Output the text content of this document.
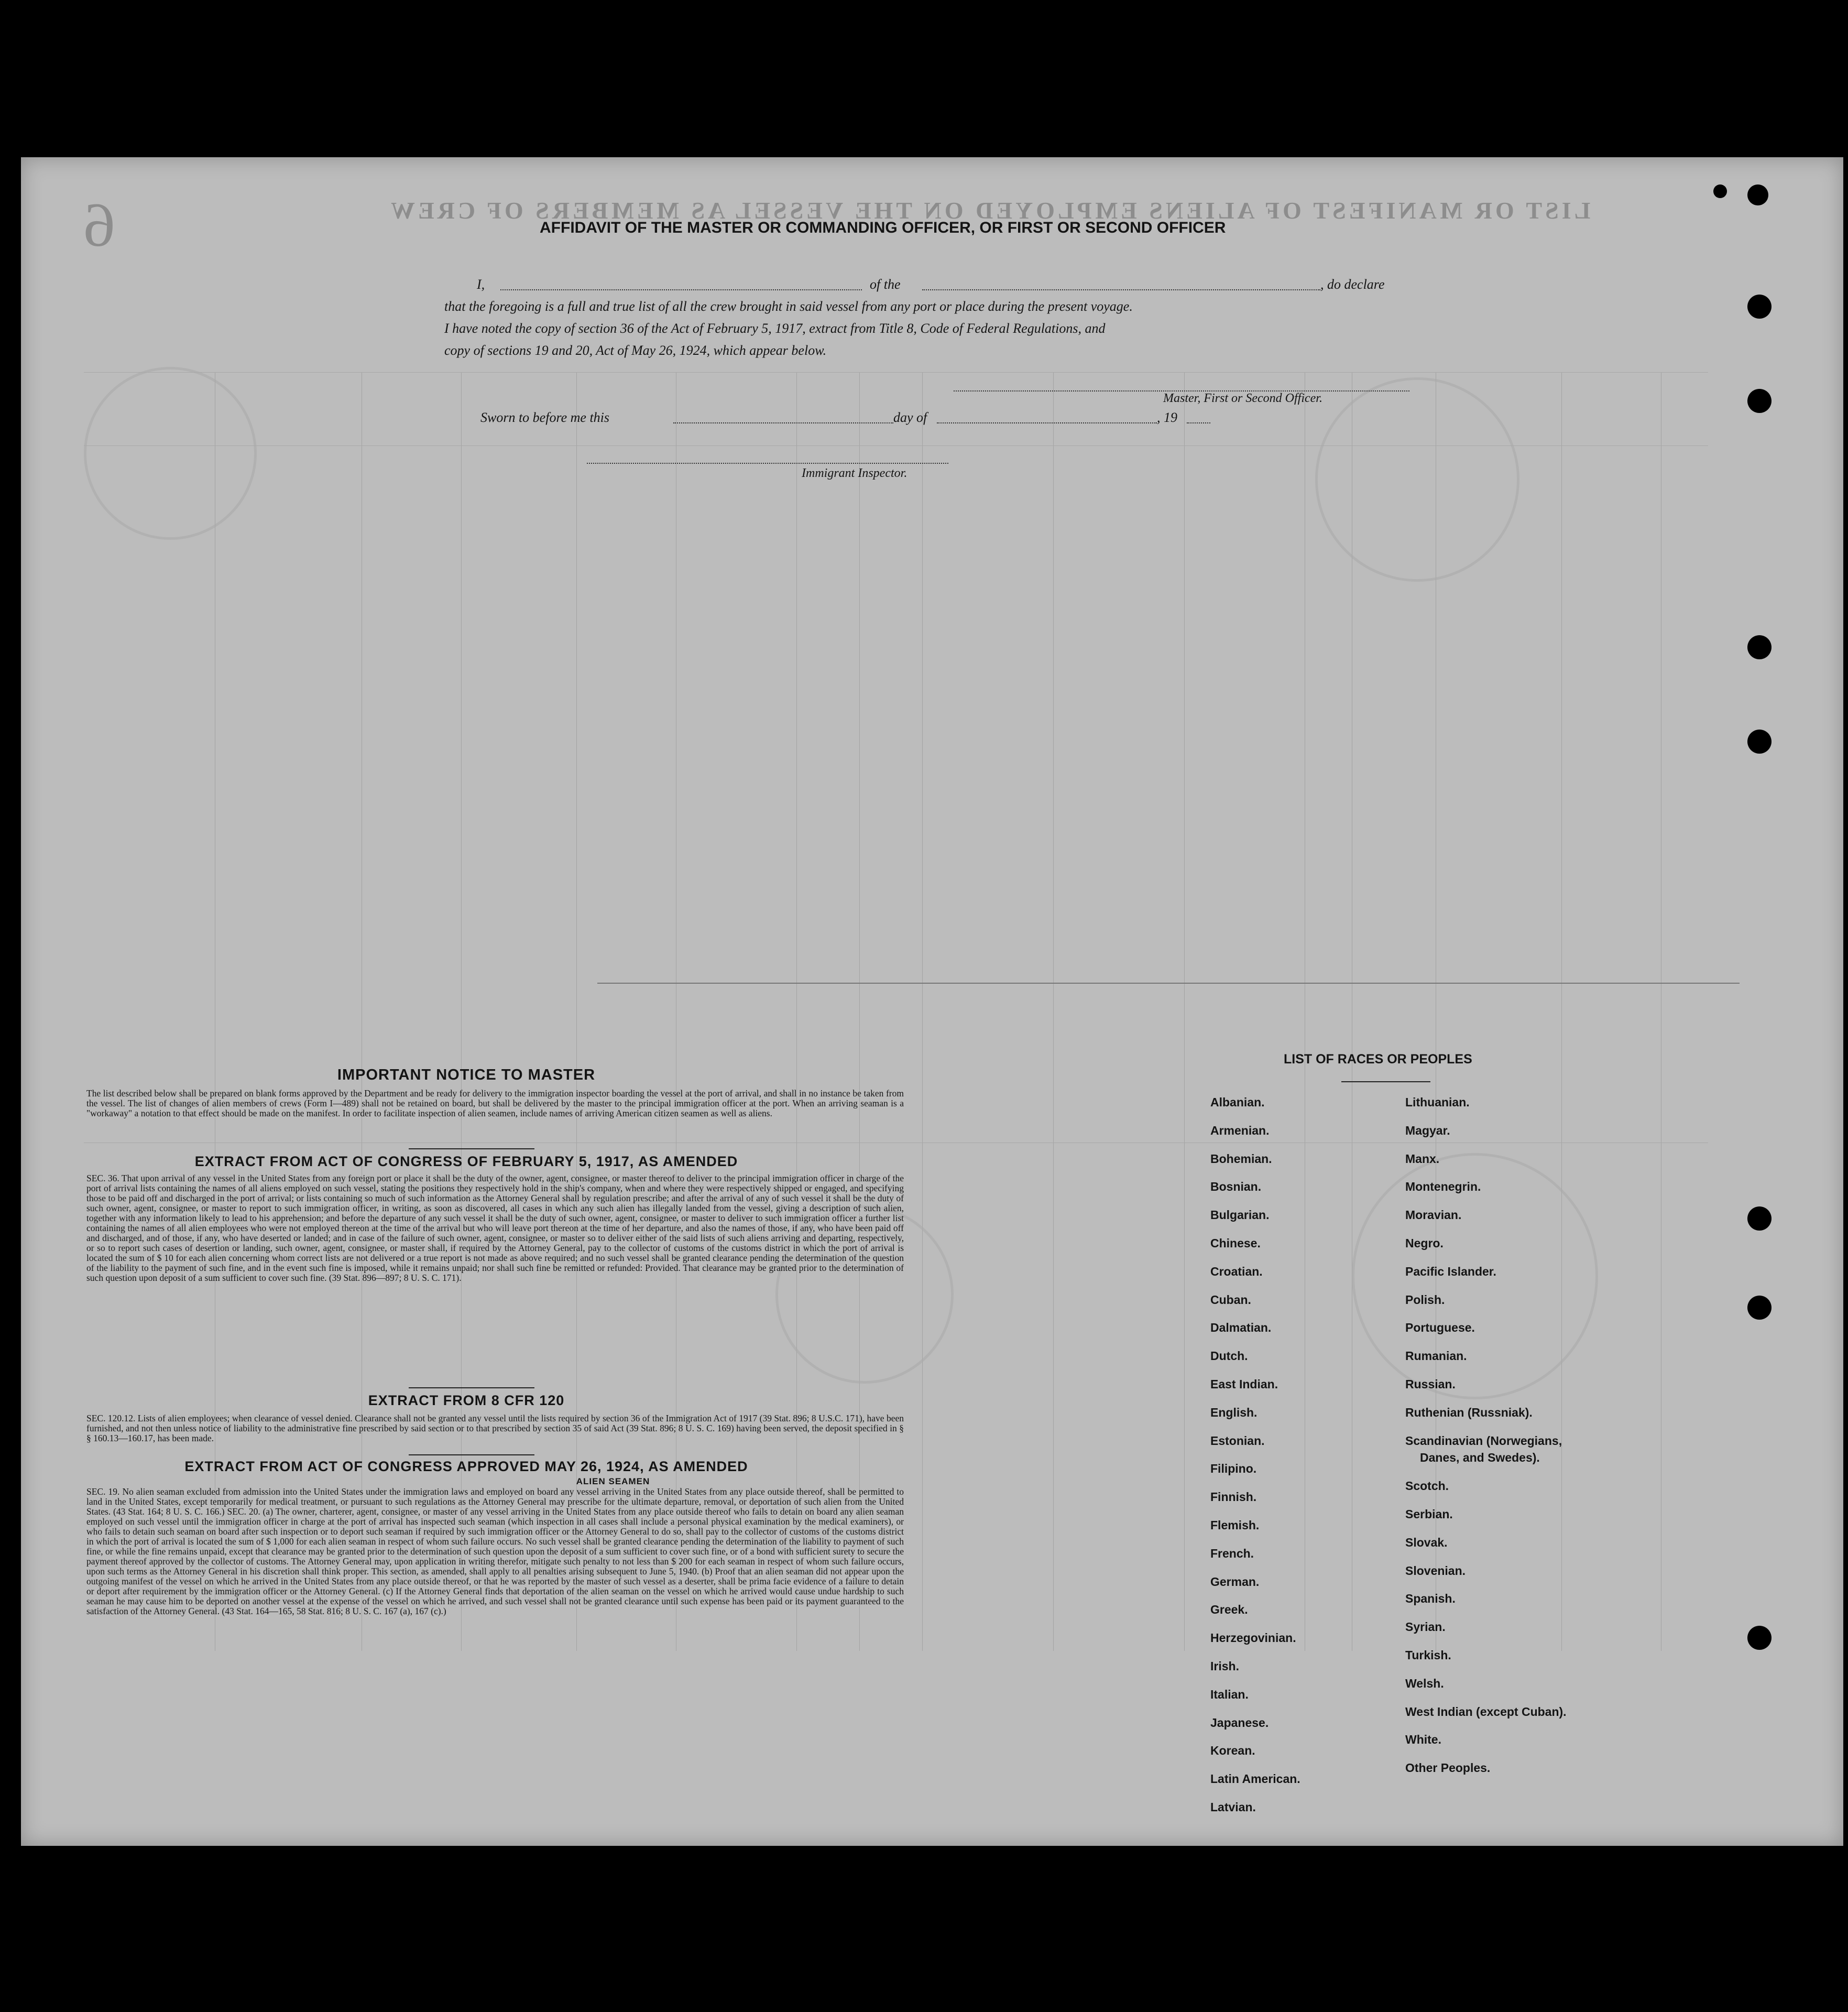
LIST OR MANIFEST OF ALIENS EMPLOYED ON THE VESSEL AS MEMBERS OF CREW
6	AFFIDAVIT OF THE MASTER OR COMMANDING OFFICER, OR FIRST OR SECOND OFFICER
I,	of the	, do declare
that the foregoing is a full and true list of all the crew brought in said vessel from any port or place during the present voyage.
I have noted the copy of section 36 of the Act of February 5, 1917, extract from Title 8, Code of Federal Regulations, and
copy of sections 19 and 20, Act of May 26, 1924, which appear below.
Master, First or Second Officer.
Sworn to before me this	day of	, 19
Immigrant Inspector.
IMPORTANT NOTICE TO MASTER
The list described below shall be prepared on blank forms approved by the Department and be ready for delivery to the immigration inspector boarding the vessel at the port of arrival, and shall in no instance be taken from the vessel. The list of changes of alien members of crews (Form I—489) shall not be retained on board, but shall be delivered by the master to the principal immigration officer at the port. When an arriving seaman is a "workaway" a notation to that effect should be made on the manifest. In order to facilitate inspection of alien seamen, include names of arriving American citizen seamen as well as aliens.
EXTRACT FROM ACT OF CONGRESS OF FEBRUARY 5, 1917, AS AMENDED
SEC. 36. That upon arrival of any vessel in the United States from any foreign port or place it shall be the duty of the owner, agent, consignee, or master thereof to deliver to the principal immigration officer in charge of the port of arrival lists containing the names of all aliens employed on such vessel, stating the positions they respectively hold in the ship's company, when and where they were respectively shipped or engaged, and specifying those to be paid off and discharged in the port of arrival; or lists containing so much of such information as the Attorney General shall by regulation prescribe; and after the arrival of any of such vessel it shall be the duty of such owner, agent, consignee, or master to report to such immigration officer, in writing, as soon as discovered, all cases in which any such alien has illegally landed from the vessel, giving a description of such alien, together with any information likely to lead to his apprehension; and before the departure of any such vessel it shall be the duty of such owner, agent, consignee, or master to deliver to such immigration officer a further list containing the names of all alien employees who were not employed thereon at the time of the arrival but who will leave port thereon at the time of her departure, and also the names of those, if any, who have been paid off and discharged, and of those, if any, who have deserted or landed; and in case of the failure of such owner, agent, consignee, or master so to deliver either of the said lists of such aliens arriving and departing, respectively, or so to report such cases of desertion or landing, such owner, agent, consignee, or master shall, if required by the Attorney General, pay to the collector of customs of the customs district in which the port of arrival is located the sum of $ 10 for each alien concerning whom correct lists are not delivered or a true report is not made as above required; and no such vessel shall be granted clearance pending the determination of the question of the liability to the payment of such fine, and in the event such fine is imposed, while it remains unpaid; nor shall such fine be remitted or refunded: Provided. That clearance may be granted prior to the determination of such question upon deposit of a sum sufficient to cover such fine. (39 Stat. 896—897; 8 U. S. C. 171).
EXTRACT FROM 8 CFR 120
SEC. 120.12. Lists of alien employees; when clearance of vessel denied. Clearance shall not be granted any vessel until the lists required by section 36 of the Immigration Act of 1917 (39 Stat. 896; 8 U.S.C. 171), have been furnished, and not then unless notice of liability to the administrative fine prescribed by said section or to that prescribed by section 35 of said Act (39 Stat. 896; 8 U. S. C. 169) having been served, the deposit specified in § § 160.13—160.17, has been made.
EXTRACT FROM ACT OF CONGRESS APPROVED MAY 26, 1924, AS AMENDED
ALIEN SEAMEN
SEC. 19. No alien seaman excluded from admission into the United States under the immigration laws and employed on board any vessel arriving in the United States from any place outside thereof, shall be permitted to land in the United States, except temporarily for medical treatment, or pursuant to such regulations as the Attorney General may prescribe for the ultimate departure, removal, or deportation of such alien from the United States. (43 Stat. 164; 8 U. S. C. 166.) SEC. 20. (a) The owner, charterer, agent, consignee, or master of any vessel arriving in the United States from any place outside thereof who fails to detain on board any alien seaman employed on such vessel until the immigration officer in charge at the port of arrival has inspected such seaman (which inspection in all cases shall include a personal physical examination by the medical examiners), or who fails to detain such seaman on board after such inspection or to deport such seaman if required by such immigration officer or the Attorney General to do so, shall pay to the collector of customs of the customs district in which the port of arrival is located the sum of $ 1,000 for each alien seaman in respect of whom such failure occurs. No such vessel shall be granted clearance pending the determination of the liability to payment of such fine, or while the fine remains unpaid, except that clearance may be granted prior to the determination of such question upon the deposit of a sum sufficient to cover such fine, or of a bond with sufficient surety to secure the payment thereof approved by the collector of customs. The Attorney General may, upon application in writing therefor, mitigate such penalty to not less than $ 200 for each seaman in respect of whom such failure occurs, upon such terms as the Attorney General in his discretion shall think proper. This section, as amended, shall apply to all penalties arising subsequent to June 5, 1940. (b) Proof that an alien seaman did not appear upon the outgoing manifest of the vessel on which he arrived in the United States from any place outside thereof, or that he was reported by the master of such vessel as a deserter, shall be prima facie evidence of a failure to detain or deport after requirement by the immigration officer or the Attorney General. (c) If the Attorney General finds that deportation of the alien seaman on the vessel on which he arrived would cause undue hardship to such seaman he may cause him to be deported on another vessel at the expense of the vessel on which he arrived, and such vessel shall not be granted clearance until such expense has been paid or its payment guaranteed to the satisfaction of the Attorney General. (43 Stat. 164—165, 58 Stat. 816; 8 U. S. C. 167 (a), 167 (c).)
LIST OF RACES OR PEOPLES
Albanian.
Armenian.
Bohemian.
Bosnian.
Bulgarian.
Chinese.
Croatian.
Cuban.
Dalmatian.
Dutch.
East Indian.
English.
Estonian.
Filipino.
Finnish.
Flemish.
French.
German.
Greek.
Herzegovinian.
Irish.
Italian.
Japanese.
Korean.
Latin American.
Latvian.
Lithuanian.
Magyar.
Manx.
Montenegrin.
Moravian.
Negro.
Pacific Islander.
Polish.
Portuguese.
Rumanian.
Russian.
Ruthenian (Russniak).
Scandinavian (Norwegians,
Danes, and Swedes).
Scotch.
Serbian.
Slovak.
Slovenian.
Spanish.
Syrian.
Turkish.
Welsh.
West Indian (except Cuban).
White.
Other Peoples.
